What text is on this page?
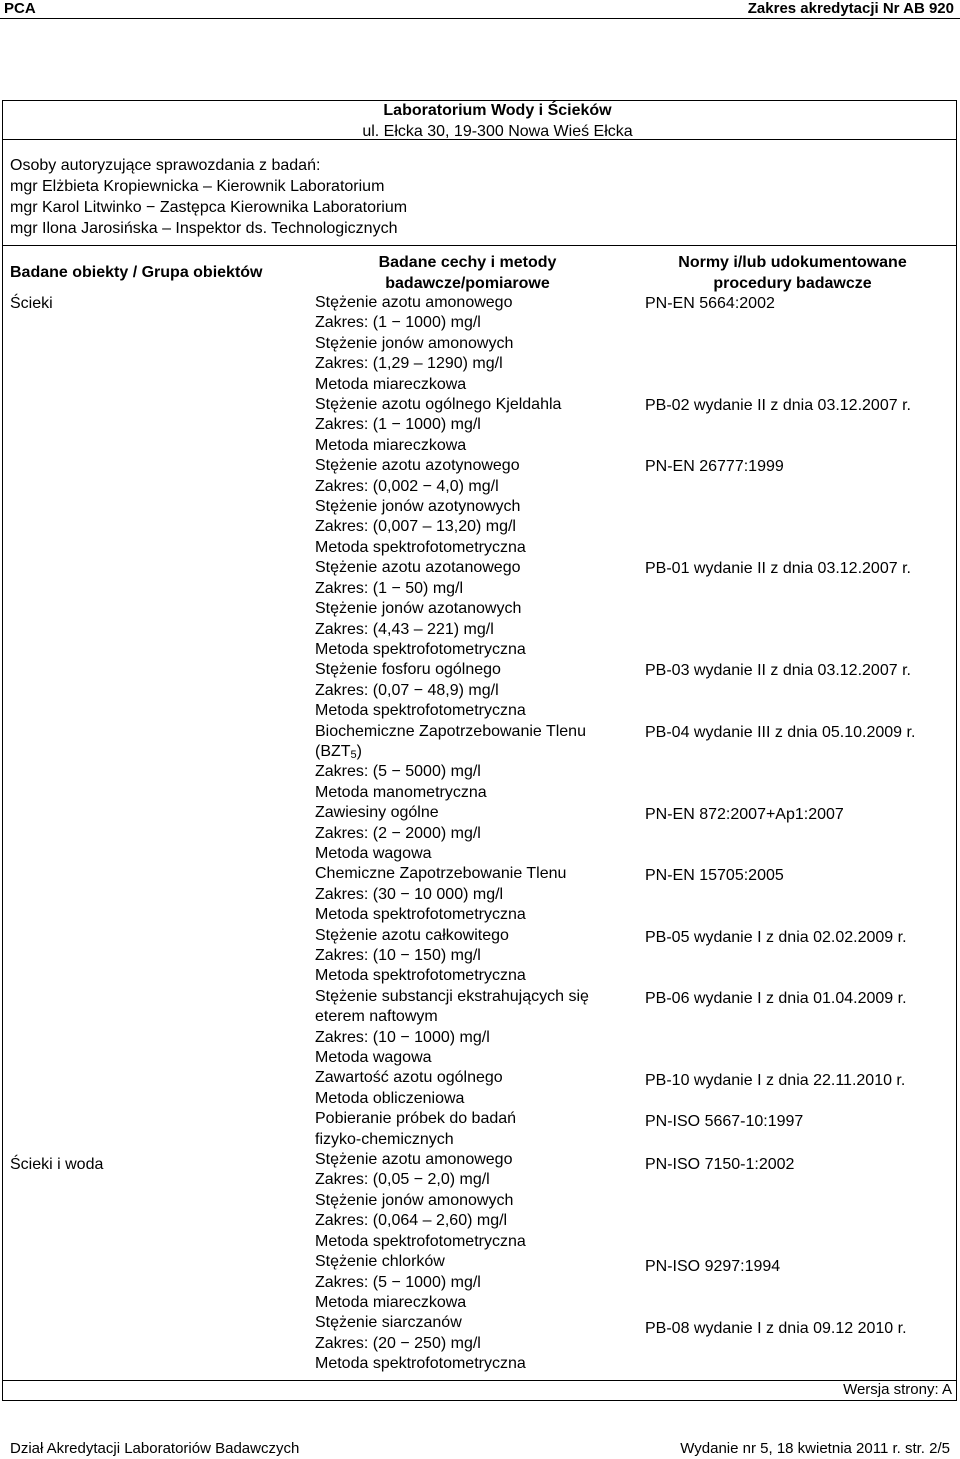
PCA	Zakres akredytacji Nr AB 920
Laboratorium Wody i Ścieków
ul. Ełcka 30, 19-300 Nowa Wieś Ełcka
Osoby autoryzujące sprawozdania z badań:
mgr Elżbieta Kropiewnicka – Kierownik Laboratorium
mgr Karol Litwinko − Zastępca Kierownika Laboratorium
mgr Ilona Jarosińska – Inspektor ds. Technologicznych
Badane obiekty / Grupa obiektów
Badane cechy i metody
badawcze/pomiarowe
Normy i/lub udokumentowane
procedury badawcze
Ścieki
Ścieki i woda
Stężenie azotu amonowego
Zakres: (1 − 1000) mg/l
Stężenie jonów amonowych
Zakres: (1,29 – 1290) mg/l
Metoda miareczkowa
Stężenie azotu ogólnego Kjeldahla
Zakres: (1 − 1000) mg/l
Metoda miareczkowa
Stężenie azotu azotynowego
Zakres: (0,002 − 4,0) mg/l
Stężenie jonów azotynowych
Zakres: (0,007 – 13,20) mg/l
Metoda spektrofotometryczna
Stężenie azotu azotanowego
Zakres: (1 − 50) mg/l
Stężenie jonów azotanowych
Zakres: (4,43 – 221) mg/l
Metoda spektrofotometryczna
Stężenie fosforu ogólnego
Zakres: (0,07 − 48,9) mg/l
Metoda spektrofotometryczna
Biochemiczne Zapotrzebowanie Tlenu
$(BZT_5)$
Zakres: (5 − 5000) mg/l
Metoda manometryczna
Zawiesiny ogólne
Zakres: (2 − 2000) mg/l
Metoda wagowa
Chemiczne Zapotrzebowanie Tlenu
Zakres: (30 − 10 000) mg/l
Metoda spektrofotometryczna
Stężenie azotu całkowitego
Zakres: (10 − 150) mg/l
Metoda spektrofotometryczna
Stężenie substancji ekstrahujących się
eterem naftowym
Zakres: (10 − 1000) mg/l
Metoda wagowa
Zawartość azotu ogólnego
Metoda obliczeniowa
Pobieranie próbek do badań
fizyko-chemicznych
Stężenie azotu amonowego
Zakres: (0,05 − 2,0) mg/l
Stężenie jonów amonowych
Zakres: (0,064 – 2,60) mg/l
Metoda spektrofotometryczna
Stężenie chlorków
Zakres: (5 − 1000) mg/l
Metoda miareczkowa
Stężenie siarczanów
Zakres: (20 − 250) mg/l
Metoda spektrofotometryczna
PN-EN 5664:2002
PB-02 wydanie II z dnia 03.12.2007 r.
PN-EN 26777:1999
PB-01 wydanie II z dnia 03.12.2007 r.
PB-03 wydanie II z dnia 03.12.2007 r.
PB-04 wydanie III z dnia 05.10.2009 r.
PN-EN 872:2007+Ap1:2007
PN-EN 15705:2005
PB-05 wydanie I z dnia 02.02.2009 r.
PB-06 wydanie I z dnia 01.04.2009 r.
PB-10 wydanie I z dnia 22.11.2010 r.
PN-ISO 5667-10:1997
PN-ISO 7150-1:2002
PN-ISO 9297:1994
PB-08 wydanie I z dnia 09.12 2010 r.
Wersja strony: A
Dział Akredytacji Laboratoriów Badawczych	Wydanie nr 5, 18 kwietnia 2011 r. str. 2/5
